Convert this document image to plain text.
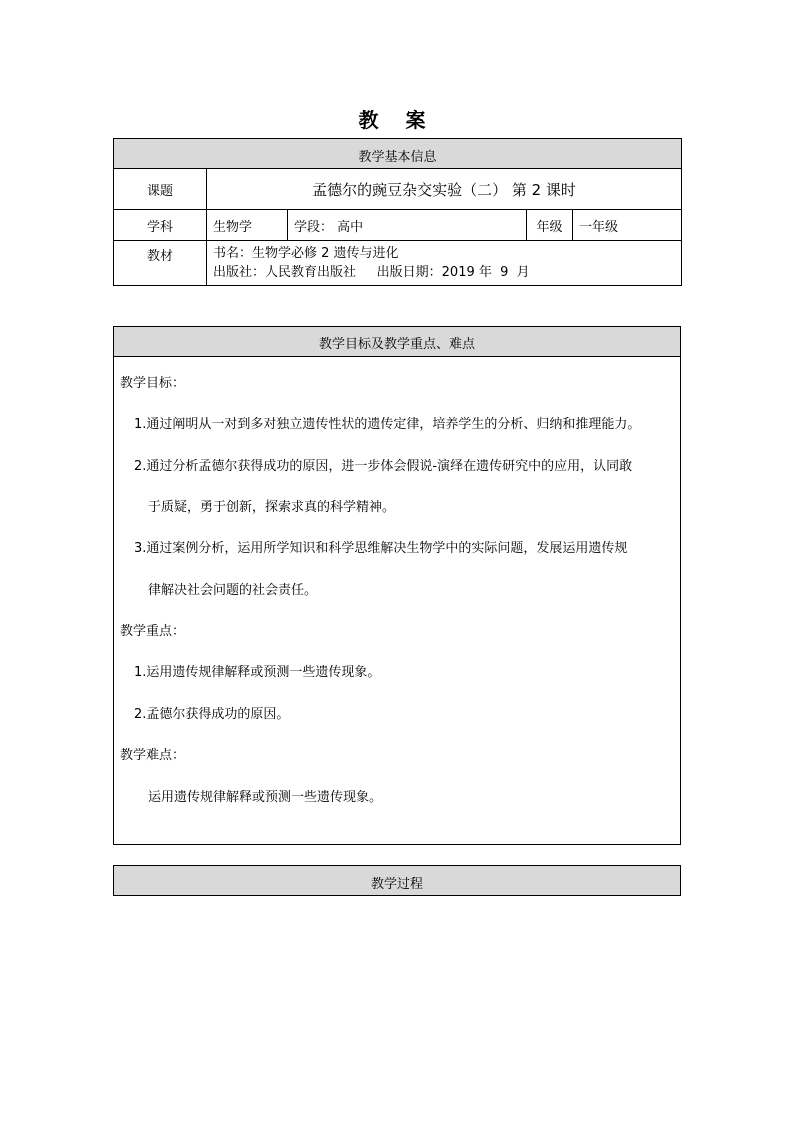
教 案
教学基本信息				

课题	孟德尔的豌豆杂交实验（二） 第 2 课时			
学科	生物学	学段： 高中	年级	一年级
教材	书名：生物学必修 2 遗传与进化
出版社：人民教育出版社     出版日期：2019 年  9  月			
教学目标及教学重点、难点
教学目标：
1.通过阐明从一对到多对独立遗传性状的遗传定律，培养学生的分析、归纳和推理能力。
2.通过分析孟德尔获得成功的原因，进一步体会假说-演绎在遗传研究中的应用，认同敢
于质疑，勇于创新，探索求真的科学精神。
3.通过案例分析，运用所学知识和科学思维解决生物学中的实际问题，发展运用遗传规
律解决社会问题的社会责任。
教学重点：
1.运用遗传规律解释或预测一些遗传现象。
2.孟德尔获得成功的原因。
教学难点：
运用遗传规律解释或预测一些遗传现象。
教学过程
